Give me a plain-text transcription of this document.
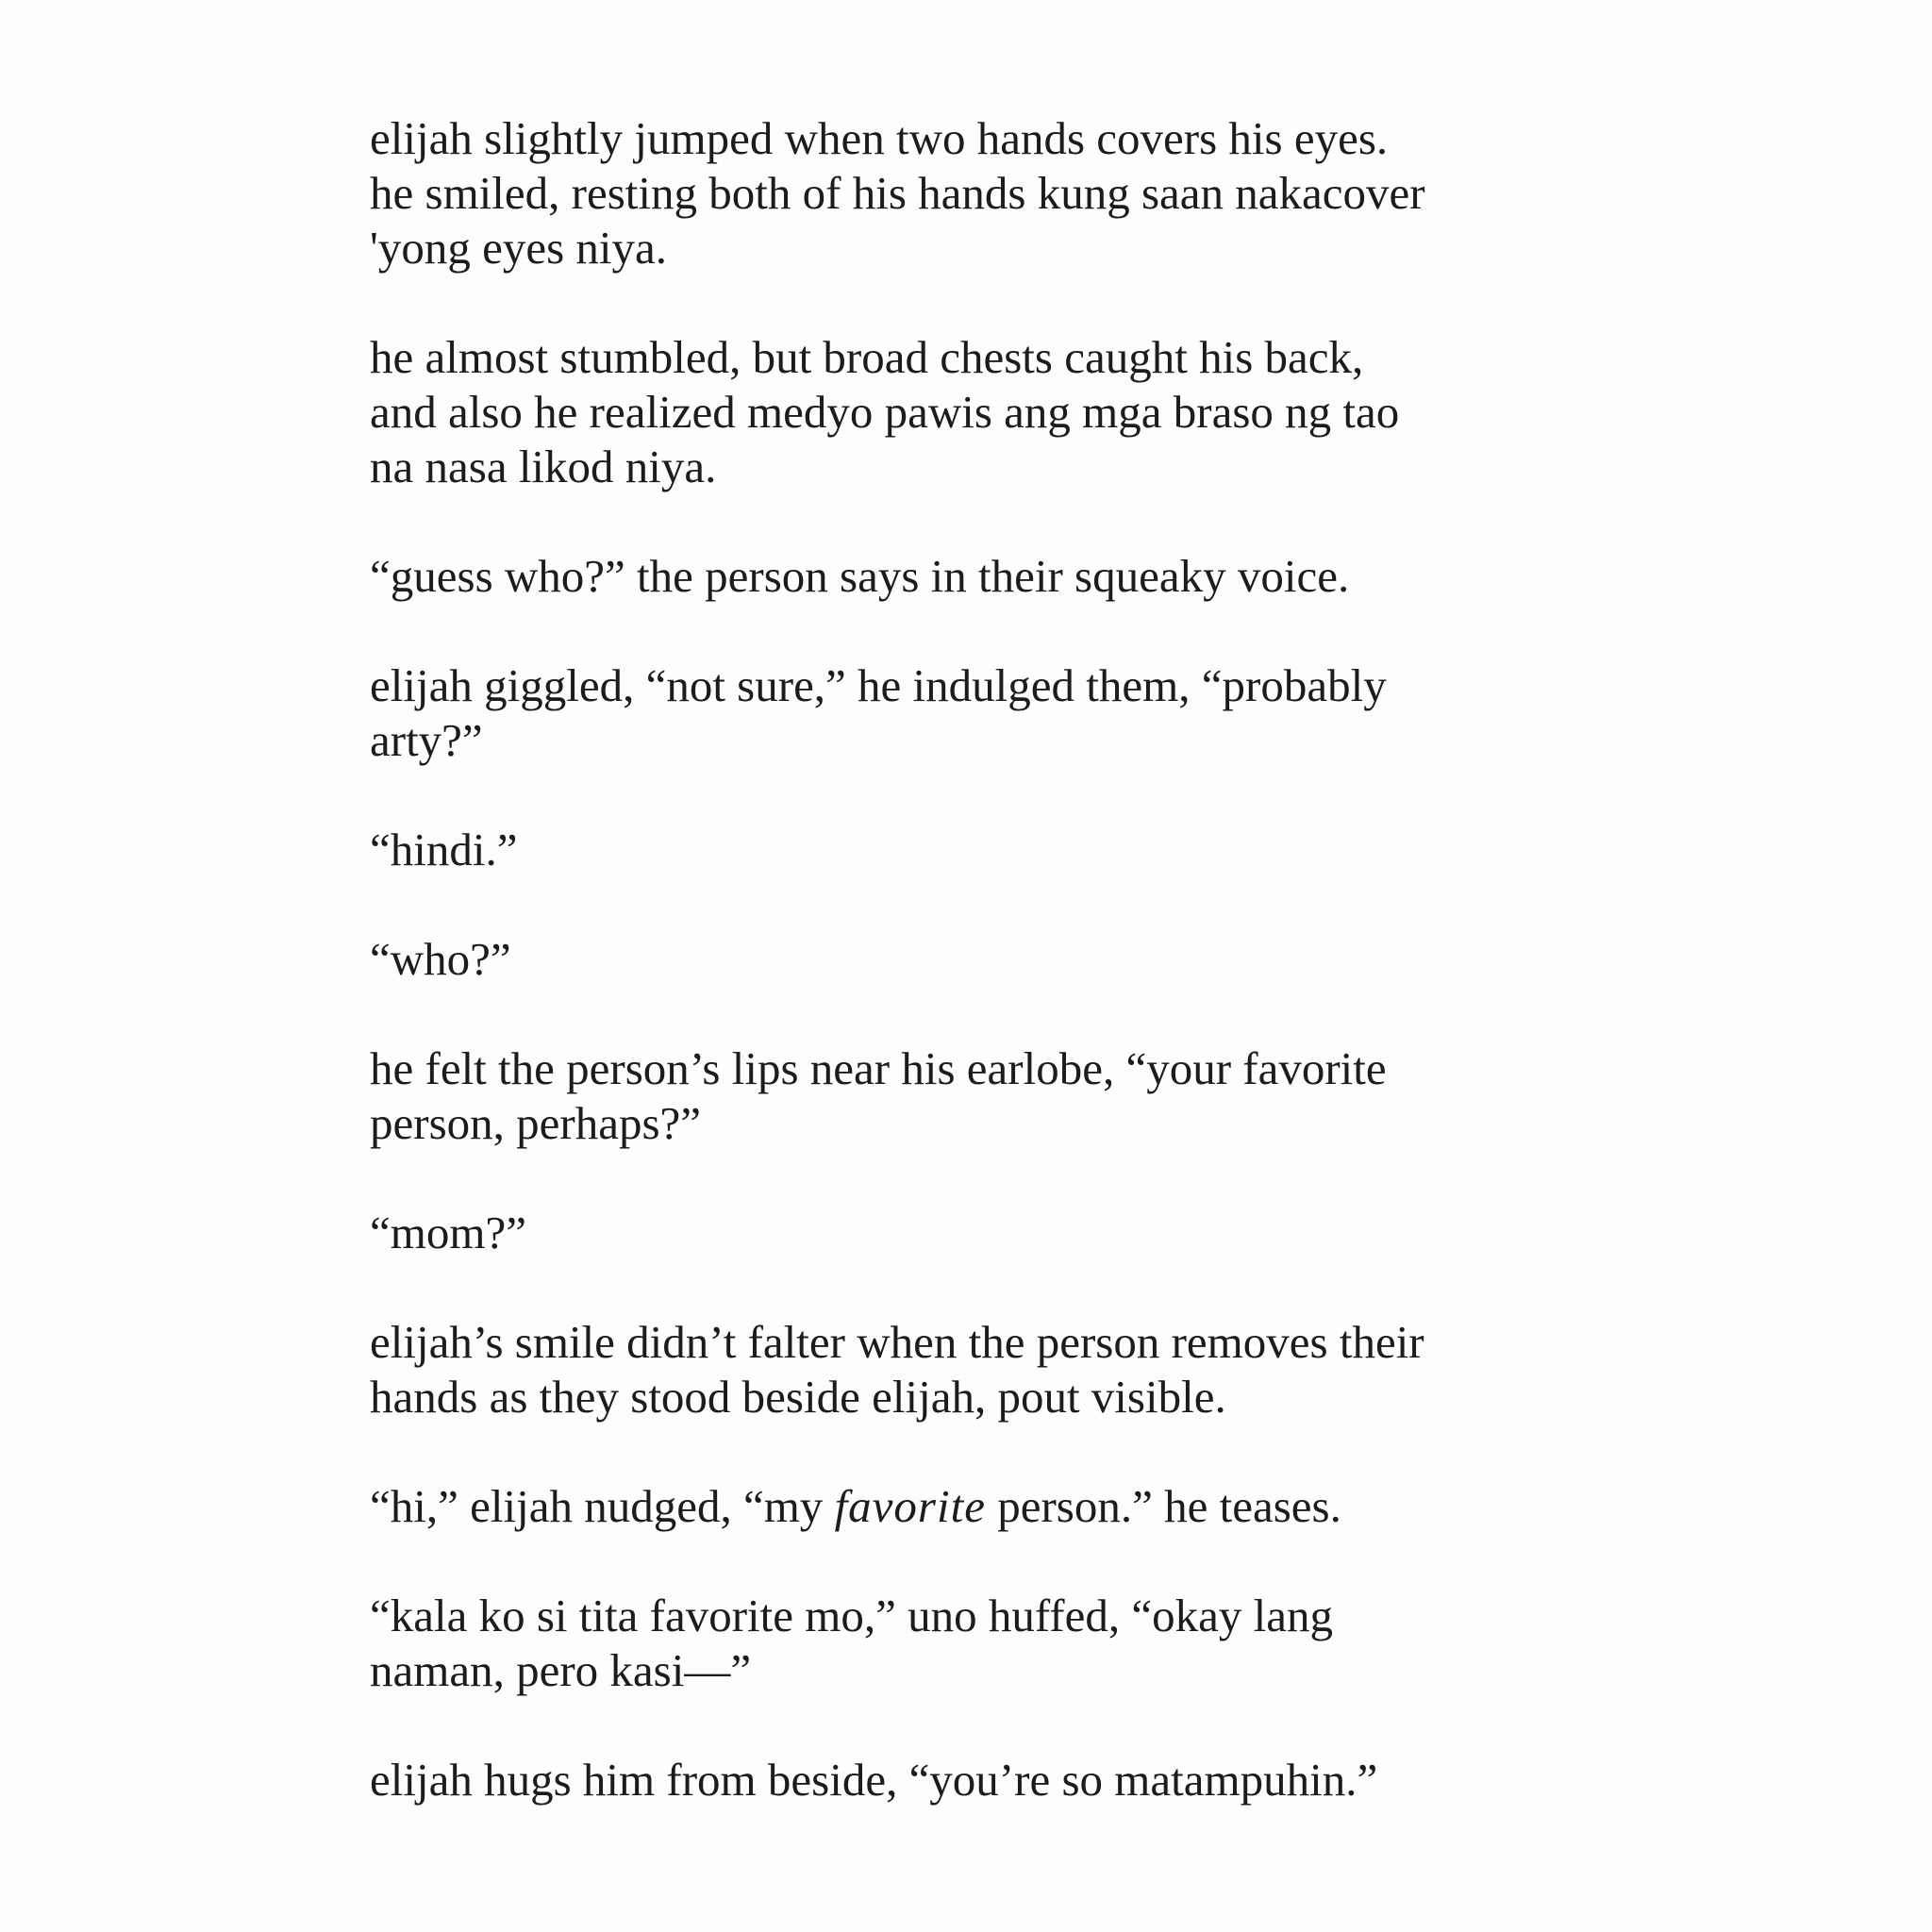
elijah slightly jumped when two hands covers his eyes.
he smiled, resting both of his hands kung saan nakacover
'yong eyes niya.

he almost stumbled, but broad chests caught his back,
and also he realized medyo pawis ang mga braso ng tao
na nasa likod niya.

“guess who?” the person says in their squeaky voice.

elijah giggled, “not sure,” he indulged them, “probably
arty?”

“hindi.”

“who?”

he felt the person’s lips near his earlobe, “your favorite
person, perhaps?”

“mom?”

elijah’s smile didn’t falter when the person removes their
hands as they stood beside elijah, pout visible.

“hi,” elijah nudged, “my favorite person.” he teases.

“kala ko si tita favorite mo,” uno huffed, “okay lang
naman, pero kasi—”

elijah hugs him from beside, “you’re so matampuhin.”
